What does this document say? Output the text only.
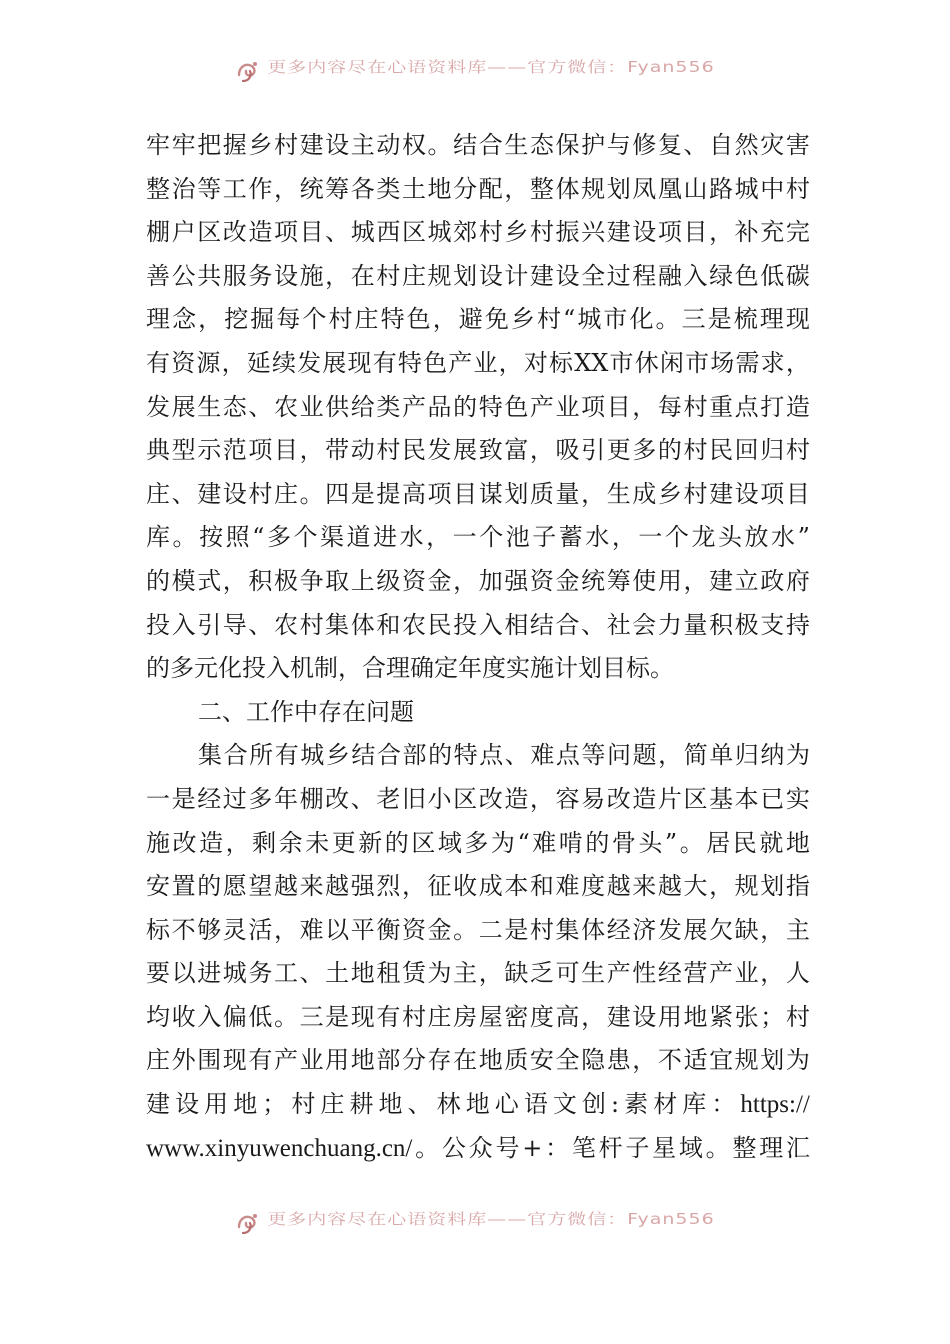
更多内容尽在心语资料库——官方微信：Fyan556
牢 牢 把 握 乡 村 建 设 主 动 权 。 结 合 生 态 保 护 与 修 复 、 自 然 灾 害
整 治 等 工 作 ， 统 筹 各 类 土 地 分 配 ， 整 体 规 划 凤 凰 山 路 城 中 村
棚 户 区 改 造 项 目 、 城 西 区 城 郊 村 乡 村 振 兴 建 设 项 目 ， 补 充 完
善 公 共 服 务 设 施 ， 在 村 庄 规 划 设 计 建 设 全 过 程 融 入 绿 色 低 碳
理 念 ， 挖 掘 每 个 村 庄 特 色 ， 避 免 乡 村 “ 城 市 化 。 三 是 梳 理 现
有 资 源 ， 延 续 发 展 现 有 特 色 产 业 ， 对 标 XX 市 休 闲 市 场 需 求 ，
发 展 生 态 、 农 业 供 给 类 产 品 的 特 色 产 业 项 目 ， 每 村 重 点 打 造
典 型 示 范 项 目 ， 带 动 村 民 发 展 致 富 ， 吸 引 更 多 的 村 民 回 归 村
庄 、 建 设 村 庄 。 四 是 提 高 项 目 谋 划 质 量 ， 生 成 乡 村 建 设 项 目
库 。 按 照 “ 多 个 渠 道 进 水 ， 一 个 池 子 蓄 水 ， 一 个 龙 头 放 水 ”
的 模 式 ， 积 极 争 取 上 级 资 金 ， 加 强 资 金 统 筹 使 用 ， 建 立 政 府
投 入 引 导 、 农 村 集 体 和 农 民 投 入 相 结 合 、 社 会 力 量 积 极 支 持
的多元化投入机制，合理确定年度实施计划目标。
二、工作中存在问题
集 合 所 有 城 乡 结 合 部 的 特 点 、 难 点 等 问 题 ， 简 单 归 纳 为
一 是 经 过 多 年 棚 改 、 老 旧 小 区 改 造 ， 容 易 改 造 片 区 基 本 已 实
施 改 造 ， 剩 余 未 更 新 的 区 域 多 为 “ 难 啃 的 骨 头 ” 。 居 民 就 地
安 置 的 愿 望 越 来 越 强 烈 ， 征 收 成 本 和 难 度 越 来 越 大 ， 规 划 指
标 不 够 灵 活 ， 难 以 平 衡 资 金 。 二 是 村 集 体 经 济 发 展 欠 缺 ， 主
要 以 进 城 务 工 、 土 地 租 赁 为 主 ， 缺 乏 可 生 产 性 经 营 产 业 ， 人
均 收 入 偏 低 。 三 是 现 有 村 庄 房 屋 密 度 高 ， 建 设 用 地 紧 张 ； 村
庄 外 围 现 有 产 业 用 地 部 分 存 在 地 质 安 全 隐 患 ， 不 适 宜 规 划 为
建 设 用 地 ； 村 庄 耕 地 、 林 地 心 语 文 创 : 素 材 库 ： https://
www.xinyuwenchuang.cn/ 。 公 众 号 + ： 笔 杆 子 星 域 。 整 理 汇
更多内容尽在心语资料库——官方微信：Fyan556
